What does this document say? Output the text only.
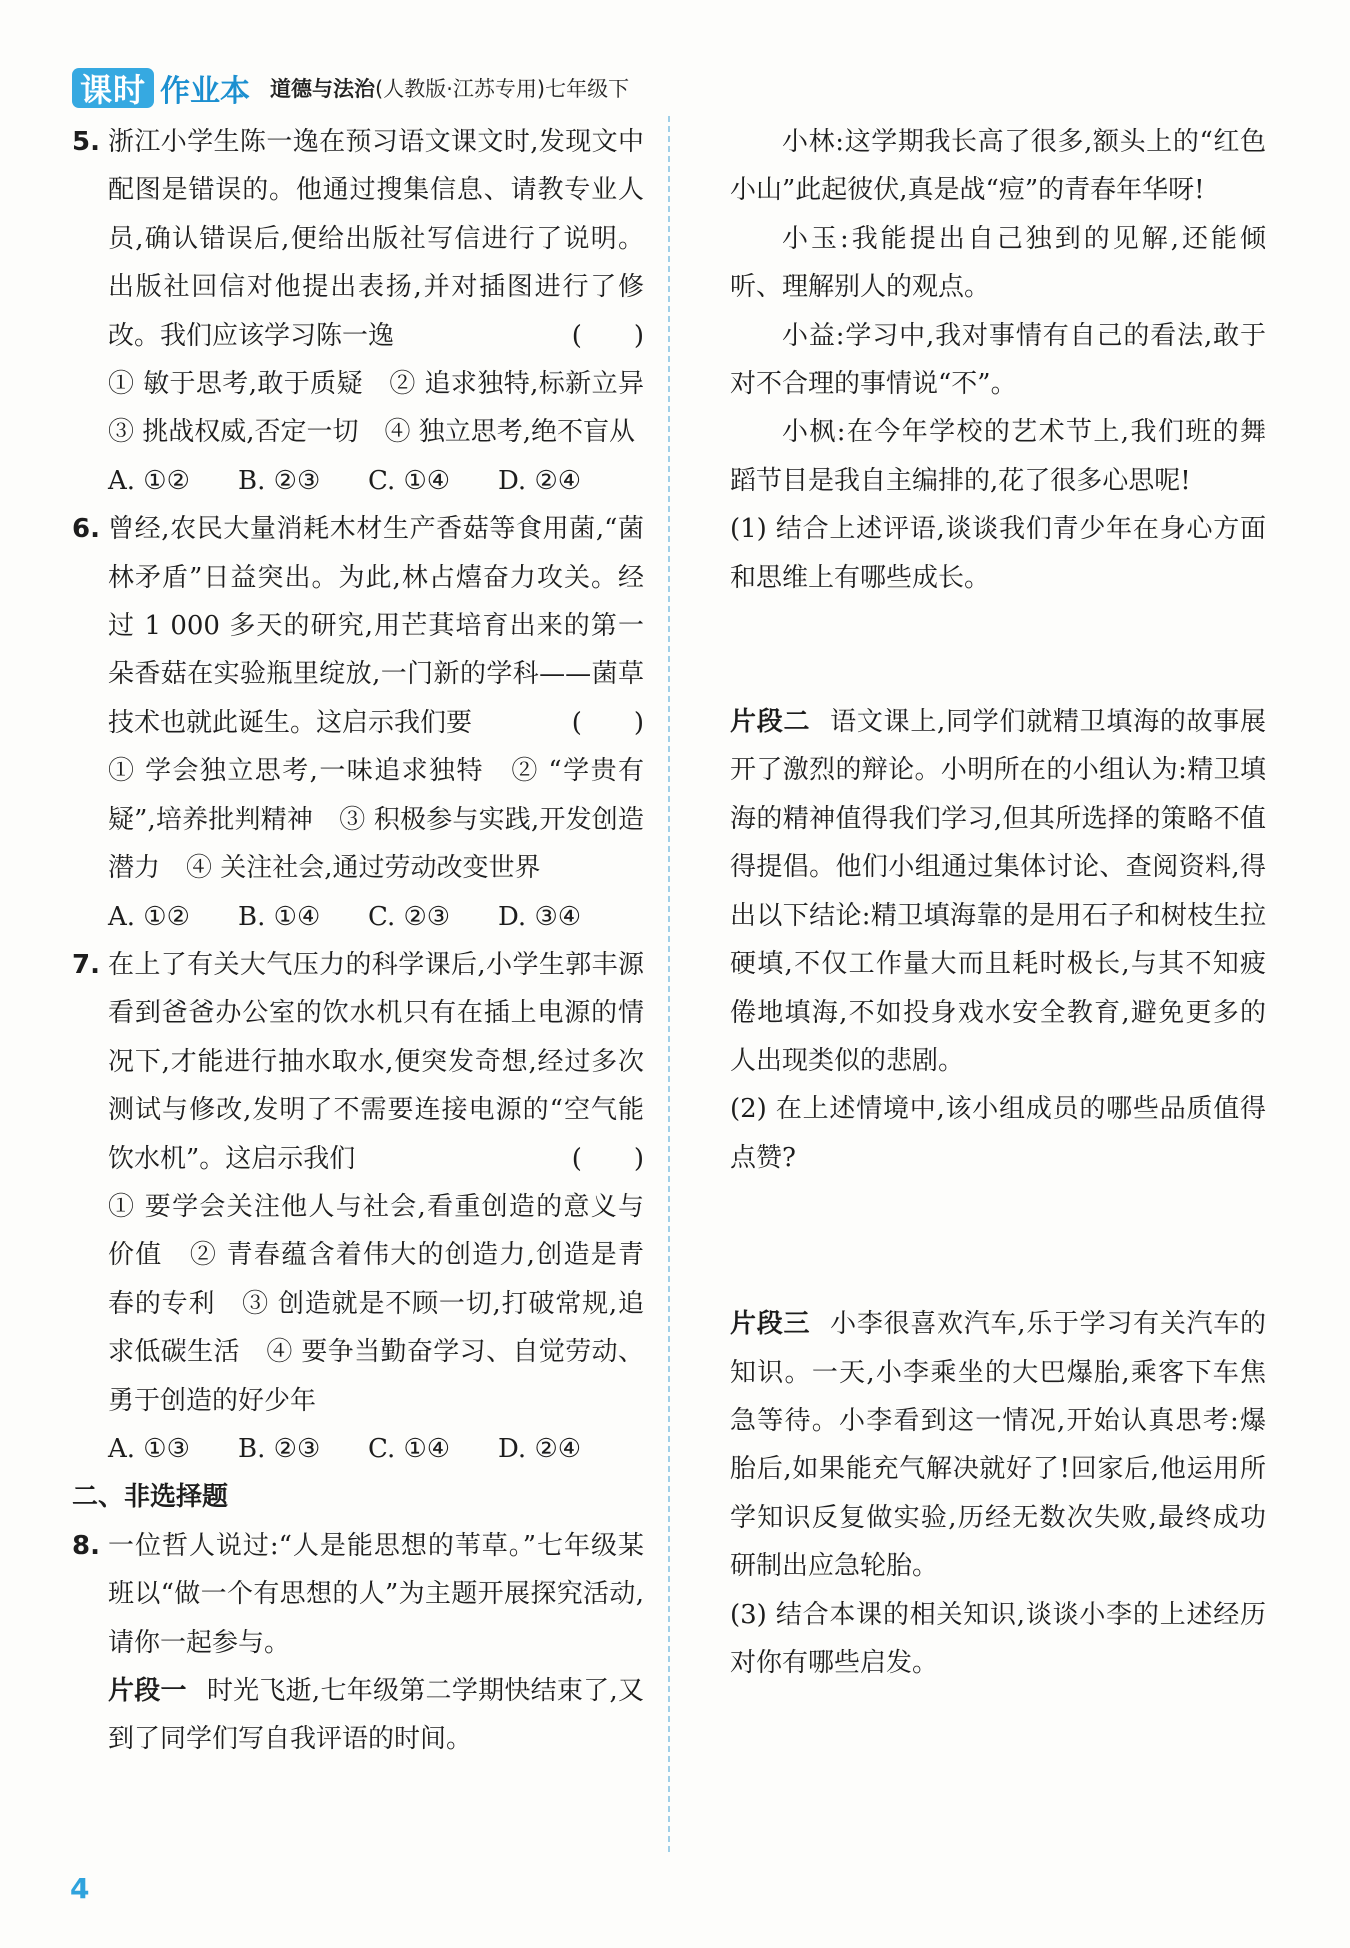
课时 作业本 道德与法治 (人教版·江苏专用)七年级下
5. 浙江小学生陈一逸在预习语文课文时,发现文中配图是错误的。他通过搜集信息、请教专业人员,确认错误后,便给出版社写信进行了说明。出版社回信对他提出表扬,并对插图进行了修改。我们应该学习陈一逸	(　　)
① 敏于思考,敢于质疑　② 追求独特,标新立异　③ 挑战权威,否定一切　④ 独立思考,绝不盲从
A. ①②	B. ②③	C. ①④	D. ②④
6. 曾经,农民大量消耗木材生产香菇等食用菌,“菌林矛盾”日益突出。为此,林占熺奋力攻关。经过 1 000 多天的研究,用芒萁培育出来的第一朵香菇在实验瓶里绽放,一门新的学科——菌草技术也就此诞生。这启示我们要	(　　)
① 学会独立思考,一味追求独特　② “学贵有疑”,培养批判精神　③ 积极参与实践,开发创造潜力　④ 关注社会,通过劳动改变世界
A. ①②	B. ①④	C. ②③	D. ③④
7. 在上了有关大气压力的科学课后,小学生郭丰源看到爸爸办公室的饮水机只有在插上电源的情况下,才能进行抽水取水,便突发奇想,经过多次测试与修改,发明了不需要连接电源的“空气能饮水机”。这启示我们	(　　)
① 要学会关注他人与社会,看重创造的意义与价值　② 青春蕴含着伟大的创造力,创造是青春的专利　③ 创造就是不顾一切,打破常规,追求低碳生活　④ 要争当勤奋学习、自觉劳动、勇于创造的好少年
A. ①③	B. ②③	C. ①④	D. ②④
二、非选择题
8. 一位哲人说过:“人是能思想的苇草。”七年级某班以“做一个有思想的人”为主题开展探究活动,请你一起参与。
片段一 时光飞逝,七年级第二学期快结束了,又到了同学们写自我评语的时间。
小林:这学期我长高了很多,额头上的“红色小山”此起彼伏,真是战“痘”的青春年华呀!
小玉:我能提出自己独到的见解,还能倾听、理解别人的观点。
小益:学习中,我对事情有自己的看法,敢于对不合理的事情说“不”。
小枫:在今年学校的艺术节上,我们班的舞蹈节目是我自主编排的,花了很多心思呢!
(1) 结合上述评语,谈谈我们青少年在身心方面和思维上有哪些成长。
片段二 语文课上,同学们就精卫填海的故事展开了激烈的辩论。小明所在的小组认为:精卫填海的精神值得我们学习,但其所选择的策略不值得提倡。他们小组通过集体讨论、查阅资料,得出以下结论:精卫填海靠的是用石子和树枝生拉硬填,不仅工作量大而且耗时极长,与其不知疲倦地填海,不如投身戏水安全教育,避免更多的人出现类似的悲剧。
(2) 在上述情境中,该小组成员的哪些品质值得点赞?
片段三 小李很喜欢汽车,乐于学习有关汽车的知识。一天,小李乘坐的大巴爆胎,乘客下车焦急等待。小李看到这一情况,开始认真思考:爆胎后,如果能充气解决就好了!回家后,他运用所学知识反复做实验,历经无数次失败,最终成功研制出应急轮胎。
(3) 结合本课的相关知识,谈谈小李的上述经历对你有哪些启发。
4
